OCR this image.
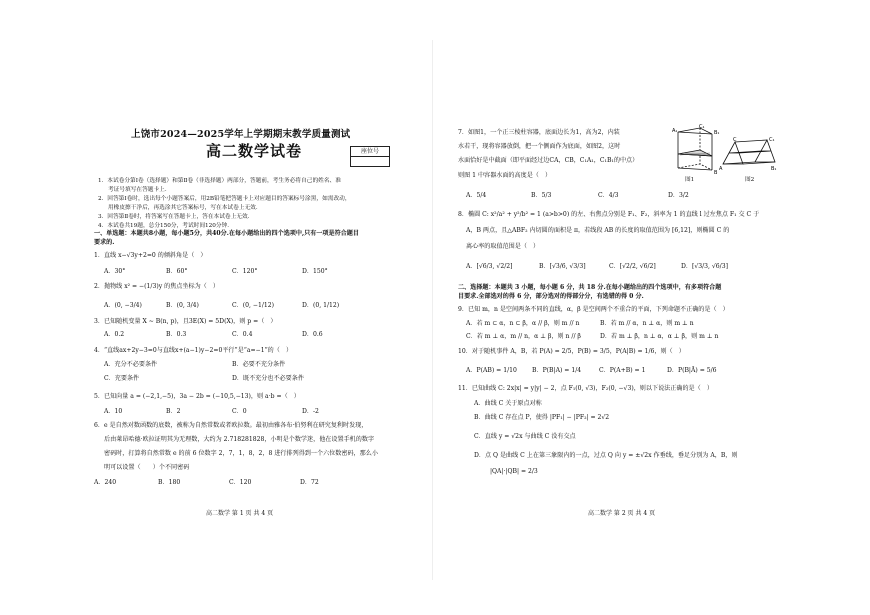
上饶市2024—2025学年上学期期末教学质量测试
高二数学试卷	座位号
1．本试卷分第Ⅰ卷（选择题）和第Ⅱ卷（非选择题）两部分，答题前，考生务必将自己的姓名、准
考证号填写在答题卡上．
2．回答第Ⅰ卷时，选出每个小题答案后，用2B铅笔把答题卡上对应题目的答案标号涂黑，如需改动，
用橡皮擦干净后，再选涂其它答案标号，写在本试卷上无效．
3．回答第Ⅱ卷时，将答案写在答题卡上，答在本试卷上无效．
4．本试卷共19题，总分150分，考试时间120分钟．
一、单选题：本题共8小题，每小题5分，共40分.在每小题给出的四个选项中,只有一项是符合题目
要求的.
1．直线 x−√3y+2=0 的倾斜角是（　）
A．30°	B．60°	C．120°	D．150°
2．抛物线 x² = −(1/3)y 的焦点坐标为（　）
A．(0, −3/4)	B．(0, 3/4)	C．(0, −1/12)	D．(0, 1/12)
3．已知随机变量 X ~ B(n, p)，且3E(X) = 5D(X)，则 p =（　）
A．0.2	B．0.3	C．0.4	D．0.6
4．“直线ax+2y−3=0与直线x+(a−1)y−2=0平行”是“a=−1”的（　）
A．充分不必要条件	B．必要不充分条件
C．充要条件	D．既不充分也不必要条件
5．已知向量 a = (−2,1,−5)，3a − 2b = (−10,5,−13)，则 a·b =（　）
A．10	B．2	C．0	D．-2
6．e 是自然对数函数的底数，被称为自然常数或者欧拉数。最初由雅各布·伯努利在研究复利时发现，
后由莱昂哈德·欧拉证明其为无理数，大约为 2.718281828，小明是个数学迷，他在设置手机的数字
密码时，打算将自然常数 e 的前 6 位数字 2，7，1，8，2，8 进行排列得到一个六位数密码，那么小
明可以设置（　　）个不同密码
A．240	B．180	C．120	D．72
高二数学 第 1 页 共 4 页
7．如图1，一个正三棱柱容器，底面边长为1，高为2，内装
水若干，现将容器放倒，把一个侧面作为底面，如图2，这时
水面恰好是中截面（即平面经过边CA，CB，C₁A₁，C₁B₁的中点）
则图 1 中容器水面的高度是（　）
C₁
B₁
A₁
B
C	C₁
A	B₁
图1	图2
A．5/4	B．5/3	C．4/3	D．3/2
8．椭圆 C: x²/a² + y²/b² = 1 (a>b>0) 的左、右焦点分别是 F₁、F₂，斜率为 1 的直线 l 过左焦点 F₁ 交 C 于
A，B 两点，且△ABF₂ 内切圆的面积是 π，若线段 AB 的长度的取值范围为 [6,12]，则椭圆 C 的
离心率的取值范围是（　）
A．[√6/3, √2/2]	B．[√3/6, √3/3]	C．[√2/2, √6/2]	D．[√3/3, √6/3]
二、选择题：本题共 3 小题，每小题 6 分，共 18 分.在每小题给出的四个选项中，有多项符合题
目要求.全部选对的得 6 分，部分选对的得部分分，有选错的得 0 分.
9．已知 m，n 是空间两条不同的直线，α，β 是空间两个不重合的平面，下列命题不正确的是（　）
A．若 m ⊂ α，n ⊂ β，α // β，则 m // n	B．若 m // α，n ⊥ α，则 m ⊥ n
C．若 m ⊥ α，m // n，α ⊥ β，则 n // β	D．若 m ⊥ β，n ⊥ α，α ⊥ β，则 m ⊥ n
10．对于随机事件 A，B，若 P(A) = 2/5，P(B) = 3/5，P(A|B) = 1/6，则（　）
A．P(AB) = 1/10 B．P(B|A) = 1/4	C．P(A+B) = 1	D．P(B|Ā) = 5/6
11．已知曲线 C: 2x|x| = y|y| − 2，点 F₁(0, √3)，F₂(0, −√3)，则以下说法正确的是（　）
A．曲线 C 关于原点对称
B．曲线 C 存在点 P，使得 |PF₁| − |PF₂| = 2√2
C．直线 y = √2x 与曲线 C 没有交点
D．点 Q 是曲线 C 上在第三象限内的一点，过点 Q 向 y = ±√2x 作垂线，垂足分别为 A，B，则
|QA|·|QB| = 2/3
高二数学 第 2 页 共 4 页
